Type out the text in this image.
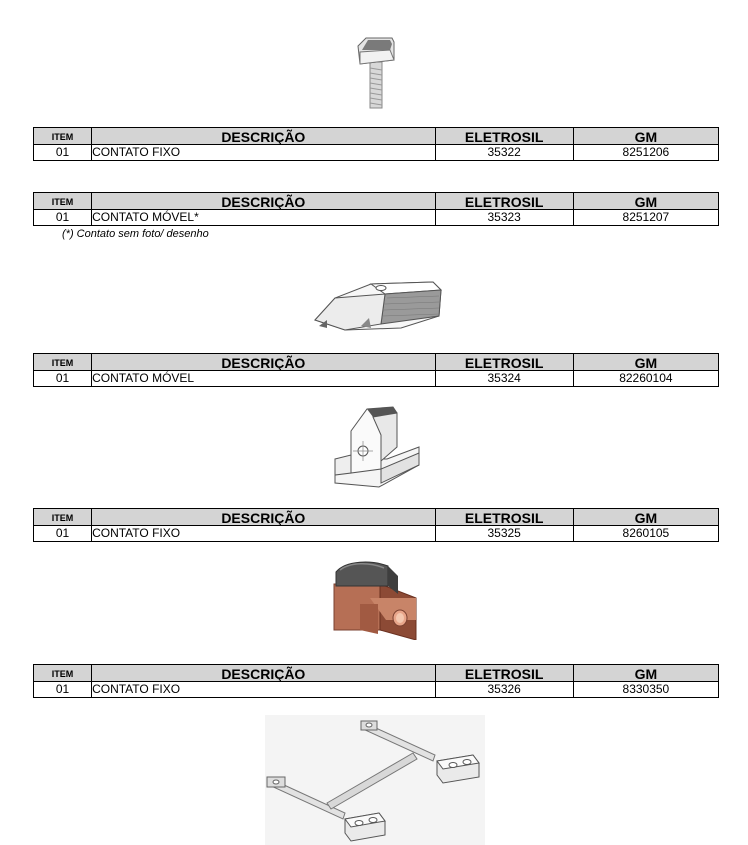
ITEM	DESCRIÇÃO	ELETROSIL	GM
01	CONTATO FIXO	35322	8251206
ITEM	DESCRIÇÃO	ELETROSIL	GM
01	CONTATO MÓVEL*	35323	8251207
(*) Contato sem foto/ desenho
ITEM	DESCRIÇÃO	ELETROSIL	GM
01	CONTATO MÓVEL	35324	82260104
ITEM	DESCRIÇÃO	ELETROSIL	GM
01	CONTATO FIXO	35325	8260105
ITEM	DESCRIÇÃO	ELETROSIL	GM
01	CONTATO FIXO	35326	8330350
